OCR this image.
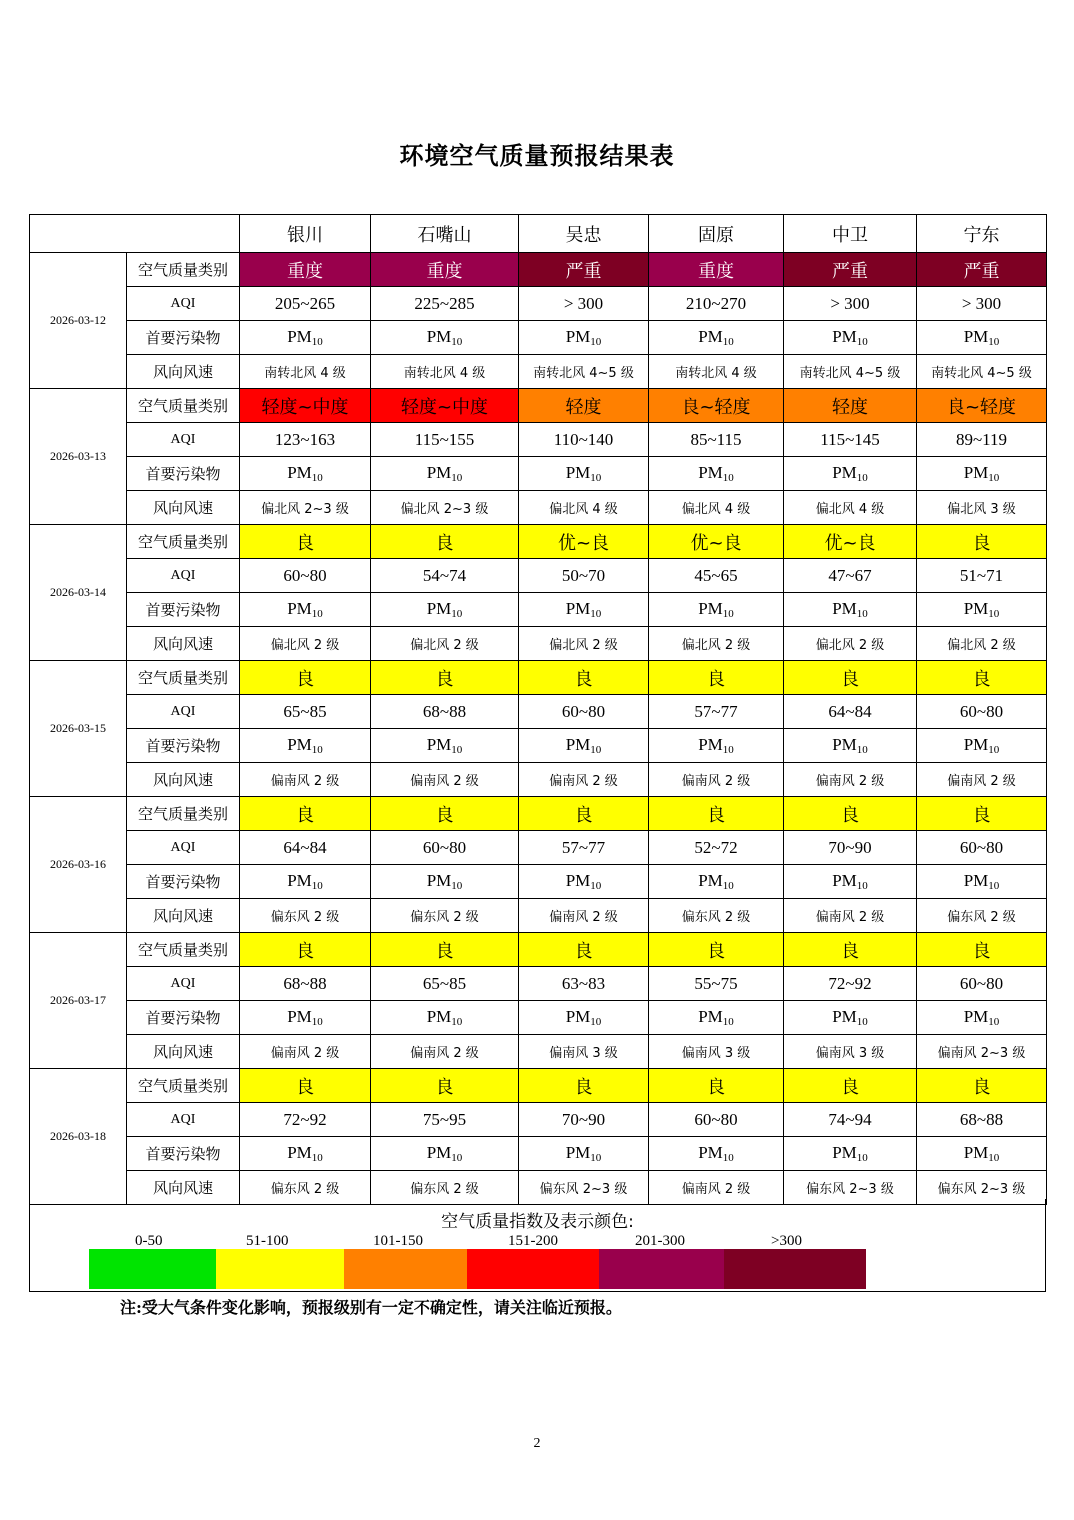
环境空气质量预报结果表
		银川	石嘴山	吴忠	固原	中卫	宁东
2026-03-12	空气质量类别	重度	重度	严重	重度	严重	严重
	AQI	205~265	225~285	> 300	210~270	> 300	> 300
	首要污染物	$PM_{10}$	$PM_{10}$	$PM_{10}$	$PM_{10}$	$PM_{10}$	$PM_{10}$
	风向风速	南转北风 4 级	南转北风 4 级	南转北风 4~5 级	南转北风 4 级	南转北风 4~5 级	南转北风 4~5 级
2026-03-13	空气质量类别	轻度~中度	轻度~中度	轻度	良~轻度	轻度	良~轻度
	AQI	123~163	115~155	110~140	85~115	115~145	89~119
	首要污染物	$PM_{10}$	$PM_{10}$	$PM_{10}$	$PM_{10}$	$PM_{10}$	$PM_{10}$
	风向风速	偏北风 2~3 级	偏北风 2~3 级	偏北风 4 级	偏北风 4 级	偏北风 4 级	偏北风 3 级
2026-03-14	空气质量类别	良	良	优~良	优~良	优~良	良
	AQI	60~80	54~74	50~70	45~65	47~67	51~71
	首要污染物	$PM_{10}$	$PM_{10}$	$PM_{10}$	$PM_{10}$	$PM_{10}$	$PM_{10}$
	风向风速	偏北风 2 级	偏北风 2 级	偏北风 2 级	偏北风 2 级	偏北风 2 级	偏北风 2 级
2026-03-15	空气质量类别	良	良	良	良	良	良
	AQI	65~85	68~88	60~80	57~77	64~84	60~80
	首要污染物	$PM_{10}$	$PM_{10}$	$PM_{10}$	$PM_{10}$	$PM_{10}$	$PM_{10}$
	风向风速	偏南风 2 级	偏南风 2 级	偏南风 2 级	偏南风 2 级	偏南风 2 级	偏南风 2 级
2026-03-16	空气质量类别	良	良	良	良	良	良
	AQI	64~84	60~80	57~77	52~72	70~90	60~80
	首要污染物	$PM_{10}$	$PM_{10}$	$PM_{10}$	$PM_{10}$	$PM_{10}$	$PM_{10}$
	风向风速	偏东风 2 级	偏东风 2 级	偏南风 2 级	偏东风 2 级	偏南风 2 级	偏东风 2 级
2026-03-17	空气质量类别	良	良	良	良	良	良
	AQI	68~88	65~85	63~83	55~75	72~92	60~80
	首要污染物	$PM_{10}$	$PM_{10}$	$PM_{10}$	$PM_{10}$	$PM_{10}$	$PM_{10}$
	风向风速	偏南风 2 级	偏南风 2 级	偏南风 3 级	偏南风 3 级	偏南风 3 级	偏南风 2~3 级
2026-03-18	空气质量类别	良	良	良	良	良	良
	AQI	72~92	75~95	70~90	60~80	74~94	68~88
	首要污染物	$PM_{10}$	$PM_{10}$	$PM_{10}$	$PM_{10}$	$PM_{10}$	$PM_{10}$
	风向风速	偏东风 2 级	偏东风 2 级	偏东风 2~3 级	偏南风 2 级	偏东风 2~3 级	偏东风 2~3 级
空气质量指数及表示颜色:
0-50	51-100	101-150	151-200	201-300	>300
注:受大气条件变化影响，预报级别有一定不确定性，请关注临近预报。
2
